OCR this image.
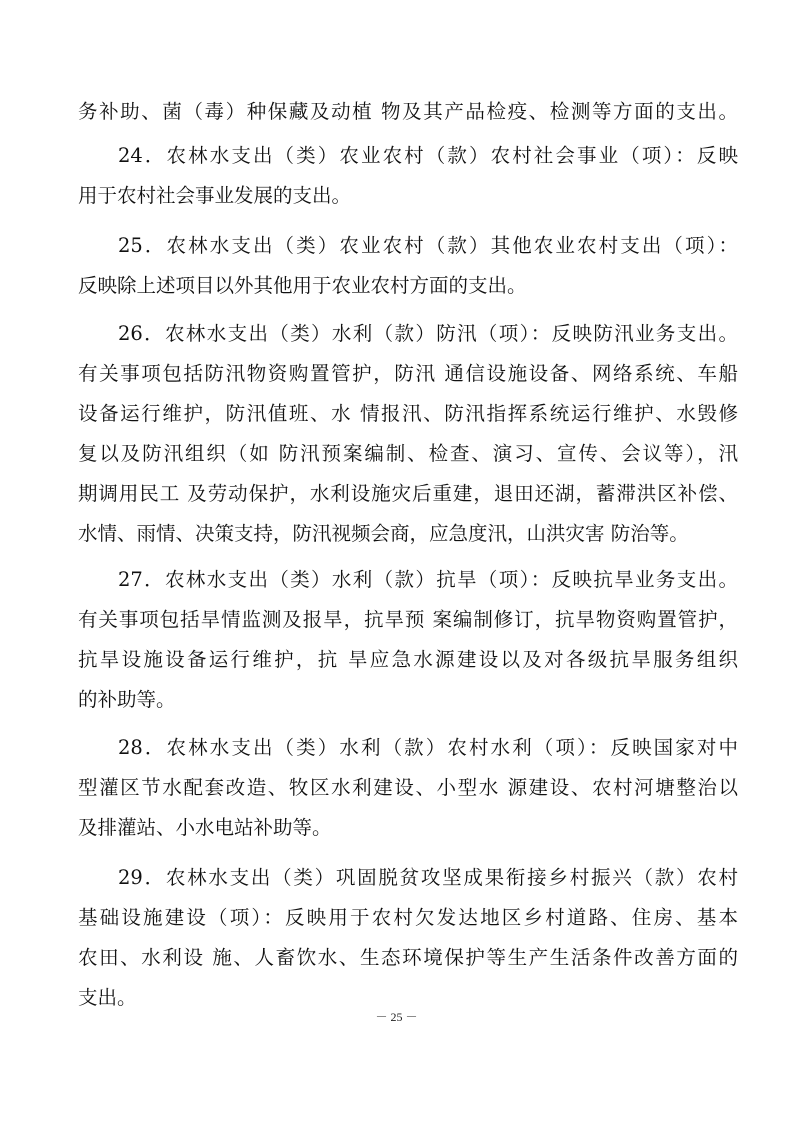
务补助、菌（毒）种保藏及动植 物及其产品检疫、检测等方面的支出。
24．农林水支出（类）农业农村（款）农村社会事业（项）：反映
用于农村社会事业发展的支出。
25．农林水支出（类）农业农村（款）其他农业农村支出（项）：
反映除上述项目以外其他用于农业农村方面的支出。
26．农林水支出（类）水利（款）防汛（项）：反映防汛业务支出。
有关事项包括防汛物资购置管护，防汛 通信设施设备、网络系统、车船
设备运行维护，防汛值班、水 情报汛、防汛指挥系统运行维护、水毁修
复以及防汛组织（如 防汛预案编制、检查、演习、宣传、会议等），汛
期调用民工 及劳动保护，水利设施灾后重建，退田还湖，蓄滞洪区补偿、
水情、雨情、决策支持，防汛视频会商，应急度汛，山洪灾害 防治等。
27．农林水支出（类）水利（款）抗旱（项）：反映抗旱业务支出。
有关事项包括旱情监测及报旱，抗旱预 案编制修订，抗旱物资购置管护，
抗旱设施设备运行维护，抗 旱应急水源建设以及对各级抗旱服务组织
的补助等。
28．农林水支出（类）水利（款）农村水利（项）：反映国家对中
型灌区节水配套改造、牧区水利建设、小型水 源建设、农村河塘整治以
及排灌站、小水电站补助等。
29．农林水支出（类）巩固脱贫攻坚成果衔接乡村振兴（款）农村
基础设施建设（项）：反映用于农村欠发达地区乡村道路、住房、基本
农田、水利设 施、人畜饮水、生态环境保护等生产生活条件改善方面的
支出。
－ 25 －
